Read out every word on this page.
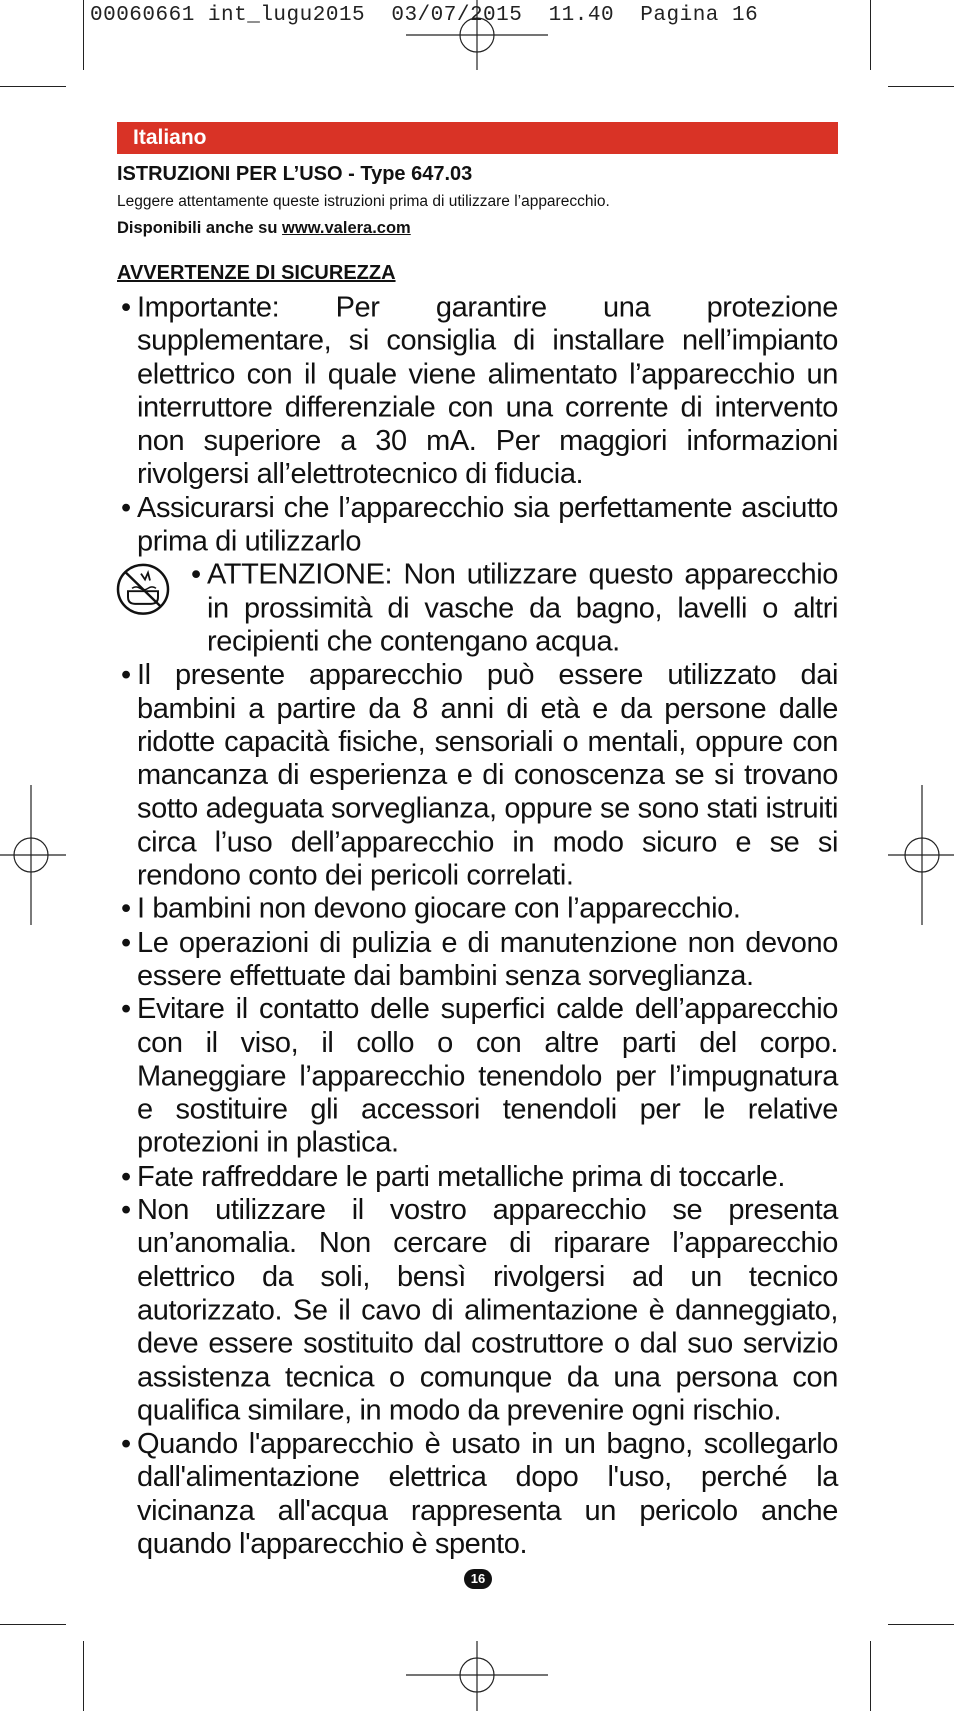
00060661 int_lugu2015  03/07/2015  11.40  Pagina 16
Italiano
ISTRUZIONI PER L’USO - Type 647.03
Leggere attentamente queste istruzioni prima di utilizzare l’apparecchio.
Disponibili anche su www.valera.com
AVVERTENZE DI SICUREZZA
• Importante: Per garantire una protezione supplementare, si consiglia di installare nell’impianto elettrico con il quale viene alimentato l’apparecchio un interruttore differenziale con una corrente di intervento non superiore a 30 mA. Per maggiori informazioni rivolgersi all’elettrotecnico di fiducia.
• Assicurarsi che l’apparecchio sia perfettamente asciutto prima di utilizzarlo
• ATTENZIONE: Non utilizzare questo apparecchio in prossimità di vasche da bagno, lavelli o altri recipienti che contengano acqua.
• Il presente apparecchio può essere utilizzato dai bambini a partire da 8 anni di età e da persone dalle ridotte capacità fisiche, sensoriali o mentali, oppure con mancanza di esperienza e di conoscenza se si trovano sotto adeguata sorveglianza, oppure se sono stati istruiti circa l’uso dell’apparecchio in modo sicuro e se si rendono conto dei pericoli correlati.
• I bambini non devono giocare con l’apparecchio.
• Le operazioni di pulizia e di manutenzione non devono essere effettuate dai bambini senza sorveglianza.
• Evitare il contatto delle superfici calde dell’apparecchio con il viso, il collo o con altre parti del corpo. Maneggiare l’apparecchio tenendolo per l’impugnatura e sostituire gli accessori tenendoli per le relative protezioni in plastica.
• Fate raffreddare le parti metalliche prima di toccarle.
• Non utilizzare il vostro apparecchio se presenta un’anomalia. Non cercare di riparare l’apparecchio elettrico da soli, bensì rivolgersi ad un tecnico autorizzato. Se il cavo di alimentazione è danneggiato, deve essere sostituito dal costruttore o dal suo servizio assistenza tecnica o comunque da una persona con qualifica similare, in modo da prevenire ogni rischio.
• Quando l'apparecchio è usato in un bagno, scollegarlo dall'alimentazione elettrica dopo l'uso, perché la vicinanza all'acqua rappresenta un pericolo anche quando l'apparecchio è spento.
16
